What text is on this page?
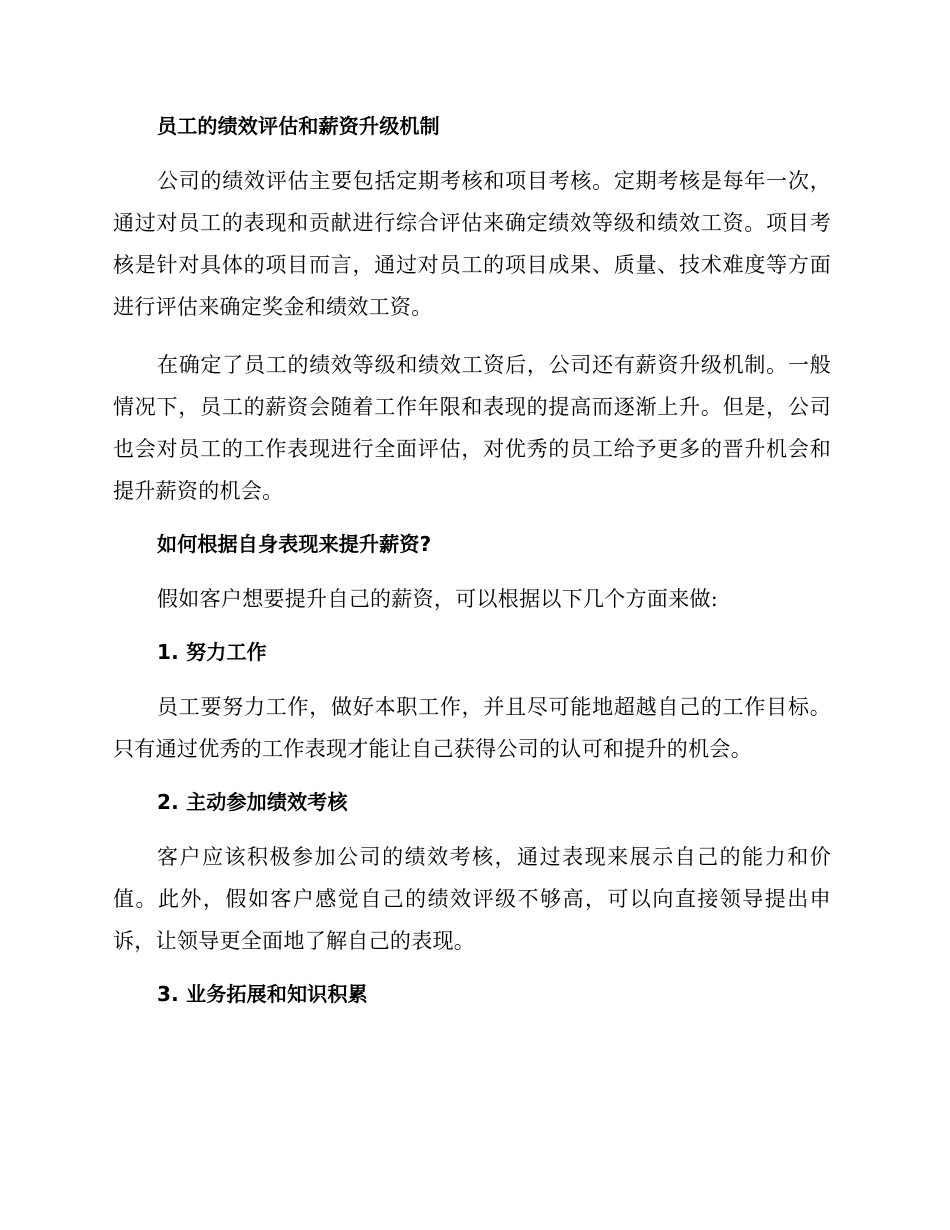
员工的绩效评估和薪资升级机制

公司的绩效评估主要包括定期考核和项目考核。定期考核是每年一次，通过对员工的表现和贡献进行综合评估来确定绩效等级和绩效工资。项目考核是针对具体的项目而言，通过对员工的项目成果、质量、技术难度等方面进行评估来确定奖金和绩效工资。

在确定了员工的绩效等级和绩效工资后，公司还有薪资升级机制。一般情况下，员工的薪资会随着工作年限和表现的提高而逐渐上升。但是，公司也会对员工的工作表现进行全面评估，对优秀的员工给予更多的晋升机会和提升薪资的机会。

如何根据自身表现来提升薪资?

假如客户想要提升自己的薪资，可以根据以下几个方面来做:

1. 努力工作

员工要努力工作，做好本职工作，并且尽可能地超越自己的工作目标。只有通过优秀的工作表现才能让自己获得公司的认可和提升的机会。

2. 主动参加绩效考核

客户应该积极参加公司的绩效考核，通过表现来展示自己的能力和价值。此外，假如客户感觉自己的绩效评级不够高，可以向直接领导提出申诉，让领导更全面地了解自己的表现。

3. 业务拓展和知识积累
